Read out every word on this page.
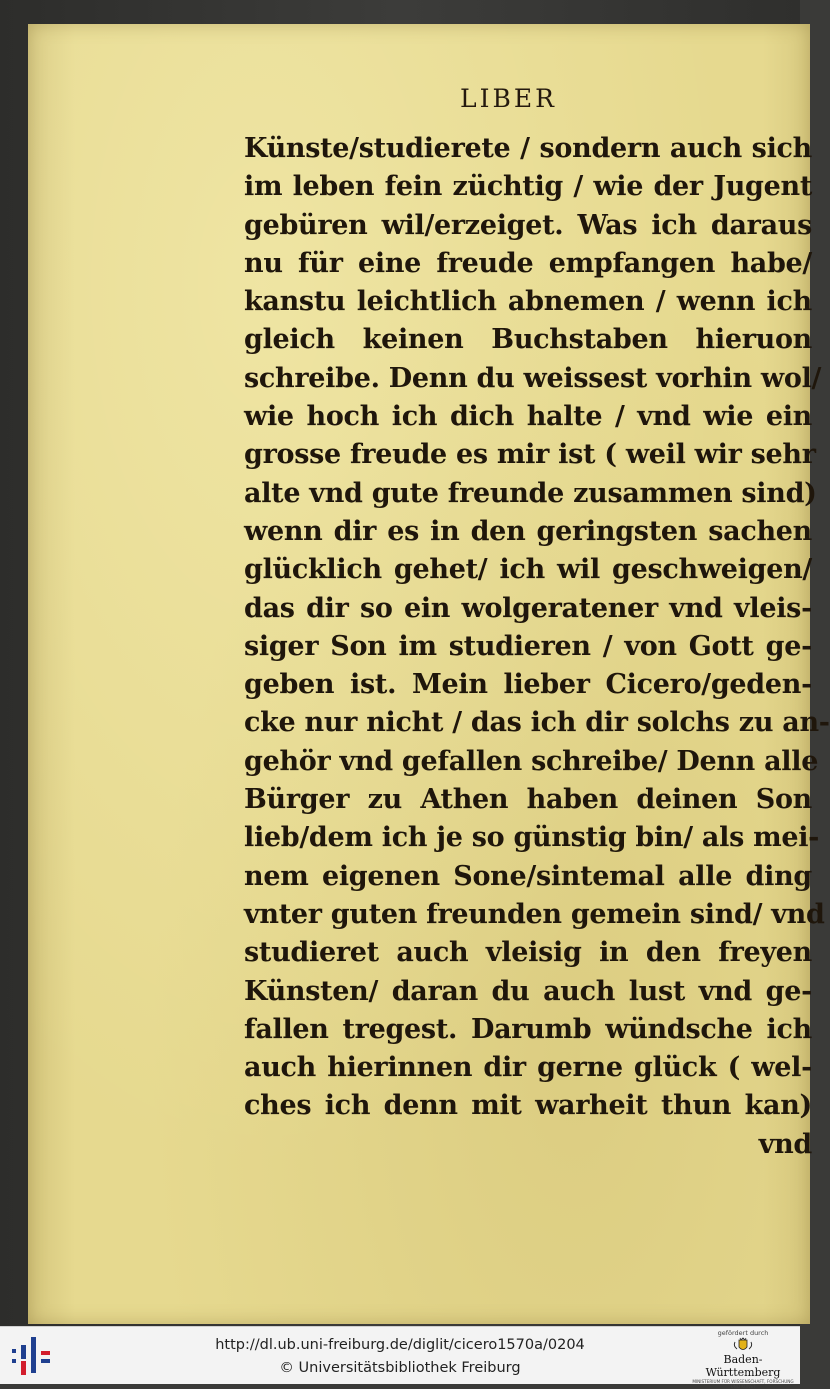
LIBER
Künste/studierete / sondern auch sich
im leben fein züchtig / wie der Jugent
gebüren wil/erzeiget. Was ich daraus
nu für eine freude empfangen habe/
kanstu leichtlich abnemen / wenn ich
gleich keinen Buchstaben hieruon
schreibe. Denn du weissest vorhin wol/
wie hoch ich dich halte / vnd wie ein
grosse freude es mir ist ( weil wir sehr
alte vnd gute freunde zusammen sind)
wenn dir es in den geringsten sachen
glücklich gehet/ ich wil geschweigen/
das dir so ein wolgeratener vnd vleis-
siger Son im studieren / von Gott ge-
geben ist. Mein lieber Cicero/geden-
cke nur nicht / das ich dir solchs zu an-
gehör vnd gefallen schreibe/ Denn alle
Bürger zu Athen haben deinen Son
lieb/dem ich je so günstig bin/ als mei-
nem eigenen Sone/sintemal alle ding
vnter guten freunden gemein sind/ vnd
studieret auch vleisig in den freyen
Künsten/ daran du auch lust vnd ge-
fallen tregest. Darumb wündsche ich
auch hierinnen dir gerne glück ( wel-
ches ich denn mit warheit thun kan)
vnd
http://dl.ub.uni-freiburg.de/diglit/cicero1570a/0204
© Universitätsbibliothek Freiburg
gefördert durch
Baden-Württemberg
MINISTERIUM FÜR WISSENSCHAFT, FORSCHUNG UND KUNST
